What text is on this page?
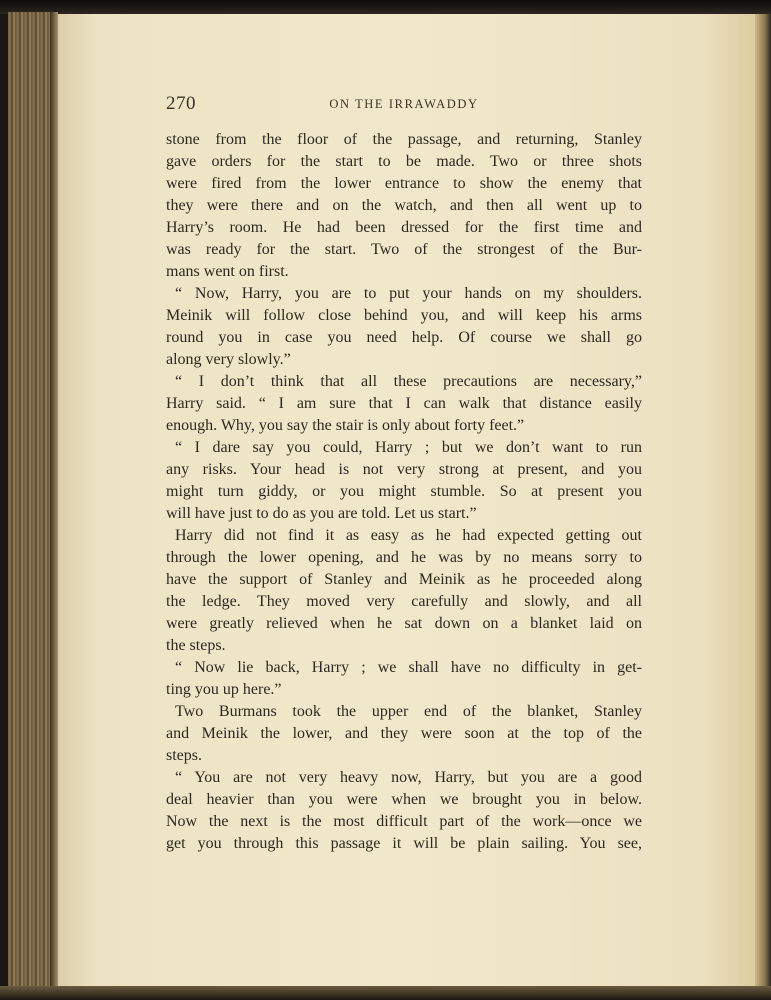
270	ON THE IRRAWADDY
stone from the floor of the passage, and returning, Stanley
gave orders for the start to be made. Two or three shots
were fired from the lower entrance to show the enemy that
they were there and on the watch, and then all went up to
Harry’s room. He had been dressed for the first time and
was ready for the start. Two of the strongest of the Bur-
mans went on first.
“ Now, Harry, you are to put your hands on my shoulders.
Meinik will follow close behind you, and will keep his arms
round you in case you need help. Of course we shall go
along very slowly.”
“ I don’t think that all these precautions are necessary,”
Harry said. “ I am sure that I can walk that distance easily
enough. Why, you say the stair is only about forty feet.”
“ I dare say you could, Harry ; but we don’t want to run
any risks. Your head is not very strong at present, and you
might turn giddy, or you might stumble. So at present you
will have just to do as you are told. Let us start.”
Harry did not find it as easy as he had expected getting out
through the lower opening, and he was by no means sorry to
have the support of Stanley and Meinik as he proceeded along
the ledge. They moved very carefully and slowly, and all
were greatly relieved when he sat down on a blanket laid on
the steps.
“ Now lie back, Harry ; we shall have no difficulty in get-
ting you up here.”
Two Burmans took the upper end of the blanket, Stanley
and Meinik the lower, and they were soon at the top of the
steps.
“ You are not very heavy now, Harry, but you are a good
deal heavier than you were when we brought you in below.
Now the next is the most difficult part of the work—once we
get you through this passage it will be plain sailing. You see,
